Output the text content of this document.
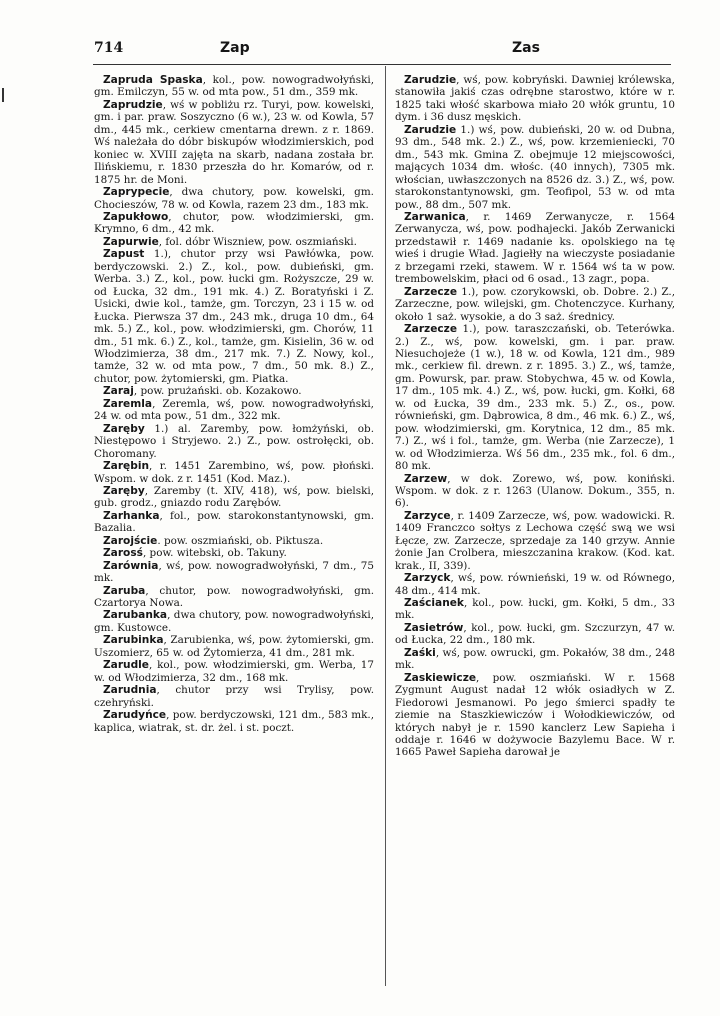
714	Zap	Zas

Zapruda Spaska, kol., pow. nowogradwołyński, gm. Emilczyn, 55 w. od mta pow., 51 dm., 359 mk.

Zaprudzie, wś w pobliżu rz. Turyi, pow. kowelski, gm. i par. praw. Soszyczno (6 w.), 23 w. od Kowla, 57 dm., 445 mk., cerkiew cmentarna drewn. z r. 1869. Wś należała do dóbr biskupów włodzimierskich, pod koniec w. XVIII zajęta na skarb, nadana została br. Ilińskiemu, r. 1830 przeszła do hr. Komarów, od r. 1875 hr. de Moni.

Zaprypecie, dwa chutory, pow. kowelski, gm. Chocieszów, 78 w. od Kowla, razem 23 dm., 183 mk.

Zapukłowo, chutor, pow. włodzimierski, gm. Krymno, 6 dm., 42 mk.

Zapurwie, fol. dóbr Wiszniew, pow. oszmiański.

Zapust 1.), chutor przy wsi Pawłówka, pow. berdyczowski. 2.) Z., kol., pow. dubieński, gm. Werba. 3.) Z., kol., pow. łucki gm. Rożyszcze, 29 w. od Łucka, 32 dm., 191 mk. 4.) Z. Boratyński i Z. Usicki, dwie kol., tamże, gm. Torczyn, 23 i 15 w. od Łucka. Pierwsza 37 dm., 243 mk., druga 10 dm., 64 mk. 5.) Z., kol., pow. włodzimierski, gm. Chorów, 11 dm., 51 mk. 6.) Z., kol., tamże, gm. Kisielin, 36 w. od Włodzimierza, 38 dm., 217 mk. 7.) Z. Nowy, kol., tamże, 32 w. od mta pow., 7 dm., 50 mk. 8.) Z., chutor, pow. żytomierski, gm. Piatka.

Zaraj, pow. prużański. ob. Kozakowo.

Zaremla, Zeremla, wś, pow. nowogradwołyński, 24 w. od mta pow., 51 dm., 322 mk.

Zaręby 1.) al. Zaremby, pow. łomżyński, ob. Niestępowo i Stryjewo. 2.) Z., pow. ostrołęcki, ob. Choromany.

Zarębin, r. 1451 Zarembino, wś, pow. płoński. Wspom. w dok. z r. 1451 (Kod. Maz.).

Zaręby, Zaremby (t. XIV, 418), wś, pow. bielski, gub. grodz., gniazdo rodu Zarębów.

Zarhanka, fol., pow. starokonstantynowski, gm. Bazalia.

Zarojście. pow. oszmiański, ob. Piktusza.

Zarosś, pow. witebski, ob. Takuny.

Zarównia, wś, pow. nowogradwołyński, 7 dm., 75 mk.

Zaruba, chutor, pow. nowogradwołyński, gm. Czartorya Nowa.

Zarubanka, dwa chutory, pow. nowogradwołyński, gm. Kustowce.

Zarubinka, Zarubienka, wś, pow. żytomierski, gm. Uszomierz, 65 w. od Żytomierza, 41 dm., 281 mk.

Zarudle, kol., pow. włodzimierski, gm. Werba, 17 w. od Włodzimierza, 32 dm., 168 mk.

Zarudnia, chutor przy wsi Trylisy, pow. czehryński.

Zarudyńce, pow. berdyczowski, 121 dm., 583 mk., kaplica, wiatrak, st. dr. żel. i st. poczt.

Zarudzie, wś, pow. kobryński. Dawniej królewska, stanowiła jakiś czas odrębne starostwo, które w r. 1825 taki włość skarbowa miało 20 włók gruntu, 10 dym. i 36 dusz męskich.

Zarudzie 1.) wś, pow. dubieński, 20 w. od Dubna, 93 dm., 548 mk. 2.) Z., wś, pow. krzemieniecki, 70 dm., 543 mk. Gmina Z. obejmuje 12 miejscowości, mających 1034 dm. włośc. (40 innych), 7305 mk. włościan, uwłaszczonych na 8526 dz. 3.) Z., wś, pow. starokonstantynowski, gm. Teofipol, 53 w. od mta pow., 88 dm., 507 mk.

Zarwanica, r. 1469 Zerwanycze, r. 1564 Zerwanycza, wś, pow. podhajecki. Jakób Zerwanicki przedstawił r. 1469 nadanie ks. opolskiego na tę wieś i drugie Wład. Jagiełły na wieczyste posiadanie z brzegami rzeki, stawem. W r. 1564 wś ta w pow. trembowelskim, płaci od 6 osad., 13 zagr., popa.

Zarzecze 1.), pow. czorykowski, ob. Dobre. 2.) Z., Zarzeczne, pow. wilejski, gm. Chotenczyce. Kurhany, około 1 saż. wysokie, a do 3 saż. średnicy.

Zarzecze 1.), pow. taraszczański, ob. Teterówka. 2.) Z., wś, pow. kowelski, gm. i par. praw. Niesuchojeże (1 w.), 18 w. od Kowla, 121 dm., 989 mk., cerkiew fil. drewn. z r. 1895. 3.) Z., wś, tamże, gm. Powursk, par. praw. Stobychwa, 45 w. od Kowla, 17 dm., 105 mk. 4.) Z., wś, pow. łucki, gm. Kołki, 68 w. od Łucka, 39 dm., 233 mk. 5.) Z., os., pow. równieński, gm. Dąbrowica, 8 dm., 46 mk. 6.) Z., wś, pow. włodzimierski, gm. Korytnica, 12 dm., 85 mk. 7.) Z., wś i fol., tamże, gm. Werba (nie Zarzecze), 1 w. od Włodzimierza. Wś 56 dm., 235 mk., fol. 6 dm., 80 mk.

Zarzew, w dok. Zorewo, wś, pow. koniński. Wspom. w dok. z r. 1263 (Ulanow. Dokum., 355, n. 6).

Zarzyce, r. 1409 Zarzecze, wś, pow. wadowicki. R. 1409 Franczco sołtys z Lechowa część swą we wsi Łęcze, zw. Zarzecze, sprzedaje za 140 grzyw. Annie żonie Jan Crolbera, mieszczanina krakow. (Kod. kat. krak., II, 339).

Zarzyck, wś, pow. równieński, 19 w. od Równego, 48 dm., 414 mk.

Zaścianek, kol., pow. łucki, gm. Kołki, 5 dm., 33 mk.

Zasietrów, kol., pow. łucki, gm. Szczurzyn, 47 w. od Łucka, 22 dm., 180 mk.

Zaśki, wś, pow. owrucki, gm. Pokałów, 38 dm., 248 mk.

Zaskiewicze, pow. oszmiański. W r. 1568 Zygmunt August nadał 12 włók osiadłych w Z. Fiedorowi Jesmanowi. Po jego śmierci spadły te ziemie na Staszkiewiczów i Wołodkiewiczów, od których nabył je r. 1590 kanclerz Lew Sapieha i oddaje r. 1646 w dożywocie Bazylemu Bace. W r. 1665 Paweł Sapieha darował je
